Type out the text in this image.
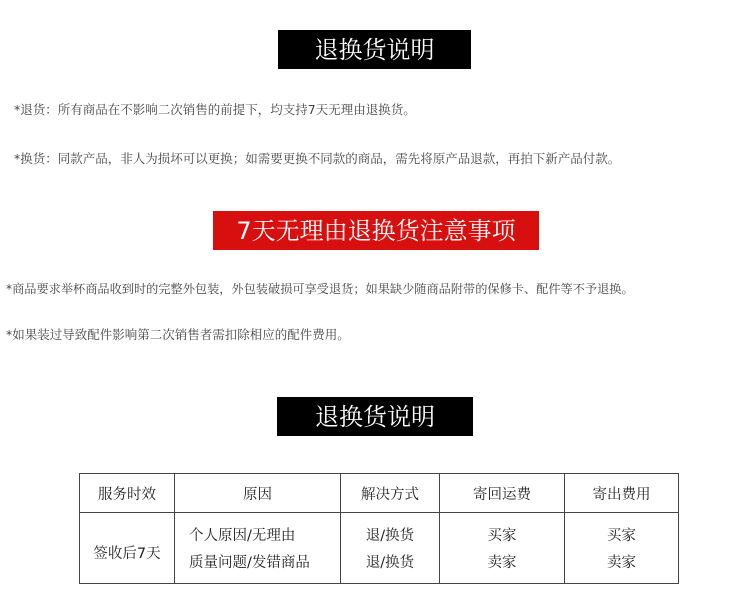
退换货说明
*退货：所有商品在不影响二次销售的前提下，均支持7天无理由退换货。
*换货：同款产品，非人为损坏可以更换；如需要更换不同款的商品，需先将原产品退款，再拍下新产品付款。
7天无理由退换货注意事项
*商品要求举杯商品收到时的完整外包装，外包装破损可享受退货；如果缺少随商品附带的保修卡、配件等不予退换。
*如果装过导致配件影响第二次销售者需扣除相应的配件费用。
退换货说明
服务时效	原因	解决方式	寄回运费	寄出费用
签收后7天	个人原因/无理由	退/换货	买家	买家
	质量问题/发错商品	退/换货	卖家	卖家
